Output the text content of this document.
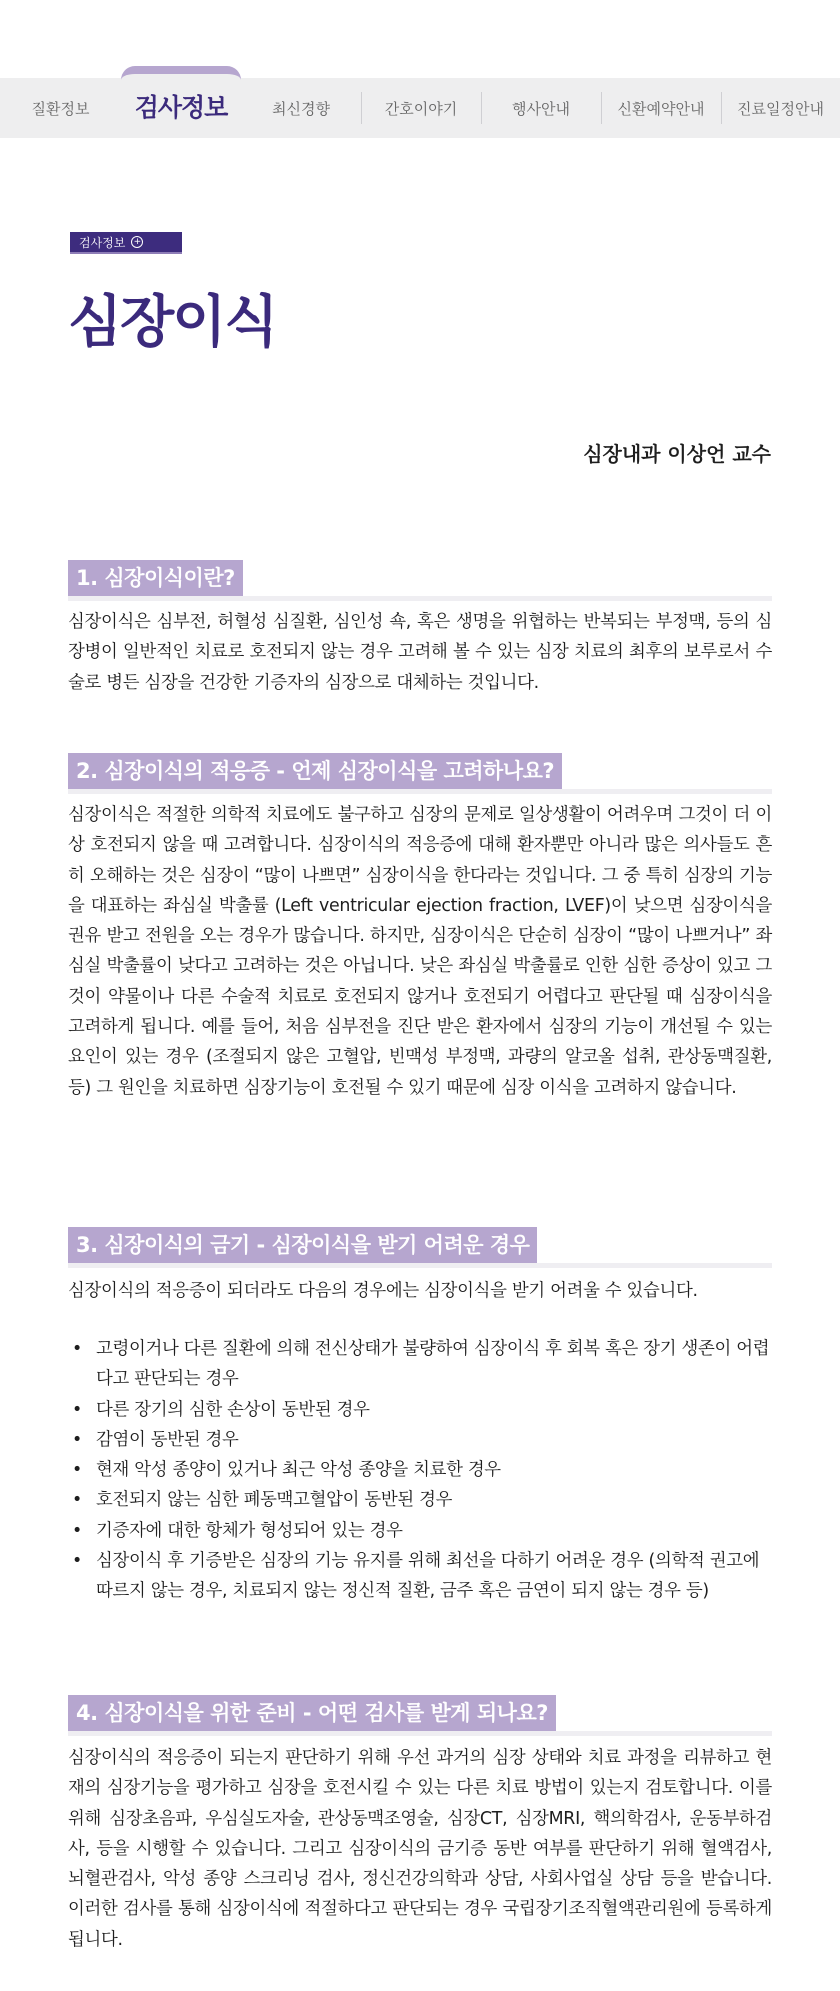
질환정보 검사정보	최신경향	간호이야기	행사안내	신환예약안내 진료일정안내
검사정보 +
심장이식
심장내과 이상언 교수
1. 심장이식이란?

심장이식은 심부전, 허혈성 심질환, 심인성 쇽, 혹은 생명을 위협하는 반복되는 부정맥, 등의 심장병이 일반적인 치료로 호전되지 않는 경우 고려해 볼 수 있는 심장 치료의 최후의 보루로서 수술로 병든 심장을 건강한 기증자의 심장으로 대체하는 것입니다.

2. 심장이식의 적응증 - 언제 심장이식을 고려하나요?

심장이식은 적절한 의학적 치료에도 불구하고 심장의 문제로 일상생활이 어려우며 그것이 더 이상 호전되지 않을 때 고려합니다. 심장이식의 적응증에 대해 환자뿐만 아니라 많은 의사들도 흔히 오해하는 것은 심장이 “많이 나쁘면” 심장이식을 한다라는 것입니다. 그 중 특히 심장의 기능을 대표하는 좌심실 박출률 (Left ventricular ejection fraction, LVEF)이 낮으면 심장이식을 권유 받고 전원을 오는 경우가 많습니다. 하지만, 심장이식은 단순히 심장이 “많이 나쁘거나” 좌심실 박출률이 낮다고 고려하는 것은 아닙니다. 낮은 좌심실 박출률로 인한 심한 증상이 있고 그것이 약물이나 다른 수술적 치료로 호전되지 않거나 호전되기 어렵다고 판단될 때 심장이식을 고려하게 됩니다. 예를 들어, 처음 심부전을 진단 받은 환자에서 심장의 기능이 개선될 수 있는 요인이 있는 경우 (조절되지 않은 고혈압, 빈맥성 부정맥, 과량의 알코올 섭취, 관상동맥질환, 등) 그 원인을 치료하면 심장기능이 호전될 수 있기 때문에 심장 이식을 고려하지 않습니다.

3. 심장이식의 금기 - 심장이식을 받기 어려운 경우

심장이식의 적응증이 되더라도 다음의 경우에는 심장이식을 받기 어려울 수 있습니다.

• 고령이거나 다른 질환에 의해 전신상태가 불량하여 심장이식 후 회복 혹은 장기 생존이 어렵다고 판단되는 경우
• 다른 장기의 심한 손상이 동반된 경우
• 감염이 동반된 경우
• 현재 악성 종양이 있거나 최근 악성 종양을 치료한 경우
• 호전되지 않는 심한 폐동맥고혈압이 동반된 경우
• 기증자에 대한 항체가 형성되어 있는 경우
• 심장이식 후 기증받은 심장의 기능 유지를 위해 최선을 다하기 어려운 경우 (의학적 권고에 따르지 않는 경우, 치료되지 않는 정신적 질환, 금주 혹은 금연이 되지 않는 경우 등)
4. 심장이식을 위한 준비 - 어떤 검사를 받게 되나요?

심장이식의 적응증이 되는지 판단하기 위해 우선 과거의 심장 상태와 치료 과정을 리뷰하고 현재의 심장기능을 평가하고 심장을 호전시킬 수 있는 다른 치료 방법이 있는지 검토합니다. 이를 위해 심장초음파, 우심실도자술, 관상동맥조영술, 심장CT, 심장MRI, 핵의학검사, 운동부하검사, 등을 시행할 수 있습니다. 그리고 심장이식의 금기증 동반 여부를 판단하기 위해 혈액검사, 뇌혈관검사, 악성 종양 스크리닝 검사, 정신건강의학과 상담, 사회사업실 상담 등을 받습니다. 이러한 검사를 통해 심장이식에 적절하다고 판단되는 경우 국립장기조직혈액관리원에 등록하게 됩니다.
